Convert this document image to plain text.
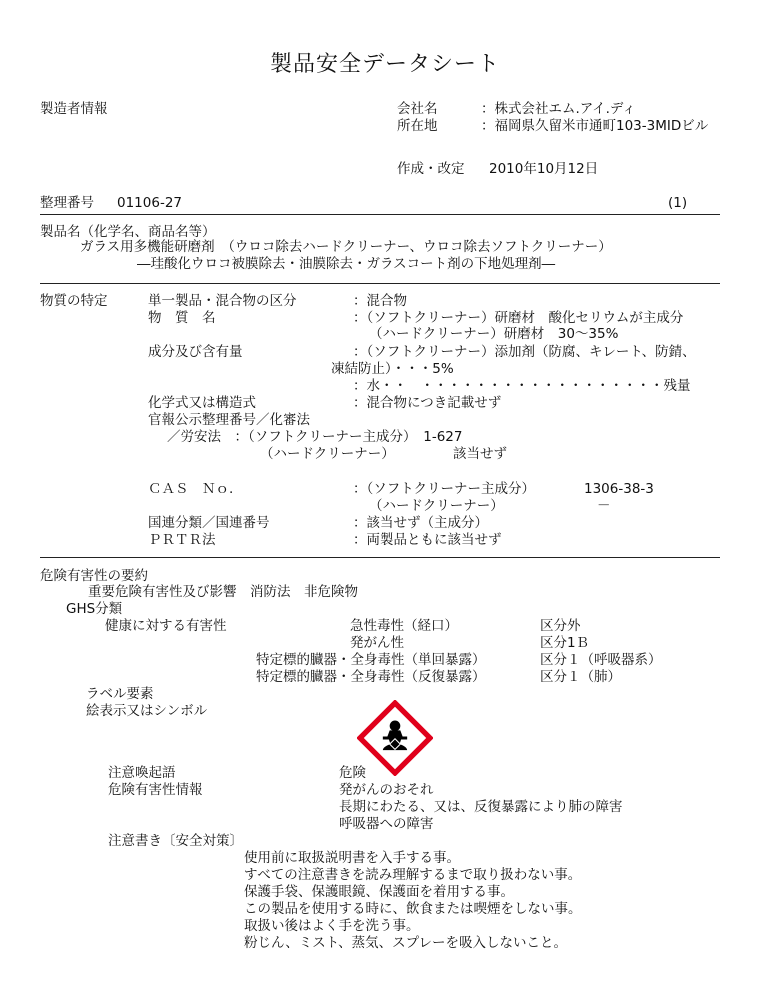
製品安全データシート
製造者情報	会社名	：株式会社エム.アイ.ディ
所在地	：福岡県久留米市通町103-3MIDビル
作成・改定 2010年10月12日
整理番号 01106-27	(1)
製品名（化学名、商品名等）
ガラス用多機能研磨剤　（ウロコ除去ハードクリーナー、ウロコ除去ソフトクリーナー）
―珪酸化ウロコ被膜除去・油膜除去・ガラスコート剤の下地処理剤―
物質の特定	単一製品・混合物の区分	：混合物
物　質　名	：（ソフトクリーナー）研磨材　酸化セリウムが主成分
（ハードクリーナー）研磨材　30～35%
成分及び含有量	：（ソフトクリーナー）添加剤（防腐、キレート、防錆、
凍結防止）・・・5%
：水・・　・・・・・・・・・・・・・・・・・・残量
化学式又は構造式	：混合物につき記載せず
官報公示整理番号／化審法
／労安法　：（ソフトクリーナー主成分）　1-627
（ハードクリーナー）	該当せず
ＣＡＳ　Ｎｏ.	：（ソフトクリーナー主成分）	1306-38-3
（ハードクリーナー）	－
国連分類／国連番号	：該当せず（主成分）
ＰＲＴＲ法	：両製品ともに該当せず
危険有害性の要約
重要危険有害性及び影響　消防法　非危険物
GHS分類
健康に対する有害性	急性毒性（経口）	区分外
発がん性	区分1Ｂ
特定標的臓器・全身毒性（単回暴露）	区分１（呼吸器系）
特定標的臓器・全身毒性（反復暴露）	区分１（肺）
ラベル要素
絵表示又はシンボル
注意喚起語	危険
危険有害性情報	発がんのおそれ
長期にわたる、又は、反復暴露により肺の障害
呼吸器への障害
注意書き〔安全対策〕
使用前に取扱説明書を入手する事。
すべての注意書きを読み理解するまで取り扱わない事。
保護手袋、保護眼鏡、保護面を着用する事。
この製品を使用する時に、飲食または喫煙をしない事。
取扱い後はよく手を洗う事。
粉じん、ミスト、蒸気、スプレーを吸入しないこと。
